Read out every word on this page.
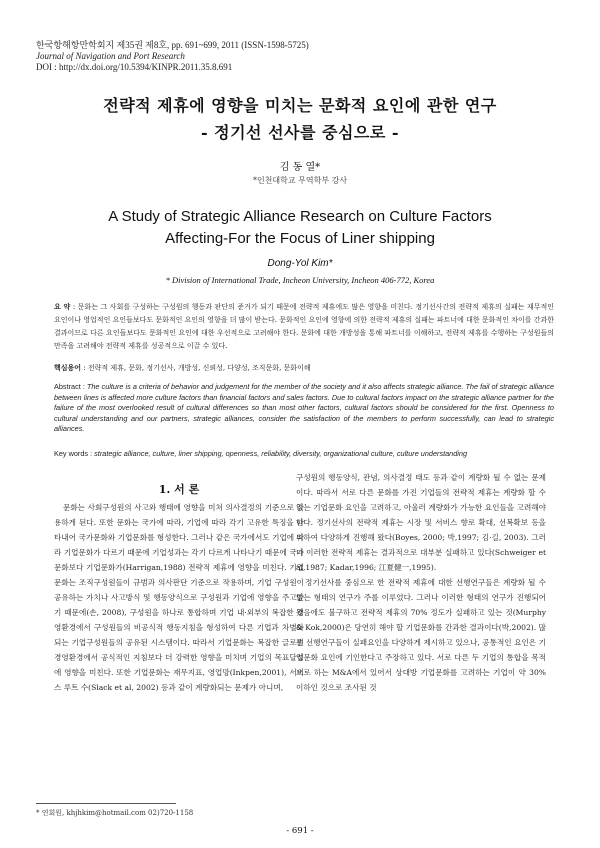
한국항해항만학회지 제35권 제8호, pp. 691~699, 2011 (ISSN-1598-5725)
Journal of Navigation and Port Research
DOI : http://dx.doi.org/10.5394/KINPR.2011.35.8.691
전략적 제휴에 영향을 미치는 문화적 요인에 관한 연구
- 정기선 선사를 중심으로 -
김 동 열*
*인천대학교 무역학부 강사
A Study of Strategic Alliance Research on Culture Factors
Affecting-For the Focus of Liner shipping
Dong-Yol Kim*
* Division of International Trade, Incheon University, Incheon 406-772, Korea
요 약 : 문화는 그 사회를 구성하는 구성원의 행동과 판단의 준거가 되기 때문에 전략적 제휴에도 많은 영향을 미친다. 정기선사간의 전략적 제휴의 실패는 재무적인 요인이나 영업적인 요인들보다도 문화적인 요인의 영향을 더 많이 받는다. 문화적인 요인에 영향에 의한 전략적 제휴의 실패는 파트너에 대한 문화적인 차이를 간과한 결과이므로 다른 요인들보다도 문화적인 요인에 대한 우선적으로 고려해야 한다. 문화에 대한 개방성을 통해 파트너를 이해하고, 전략적 제휴를 수행하는 구성원들의 만족을 고려해야 전략적 제휴를 성공적으로 이끌 수 있다.
핵심용어 : 전략적 제휴, 문화, 정기선사, 개방성, 신뢰성, 다양성, 조직문화, 문화이해
Abstract : The culture is a criteria of behavior and judgement for the member of the society and it also affects strategic alliance. The fail of strategic alliance between lines is affected more culture factors than financial factors and sales factors. Due to cultural factors impact on the strategic alliance partner for the failure of the most overlooked result of cultural differences so than most other factors, cultural factors should be considered for the first. Openness to cultural understanding and our partners, strategic alliances, consider the satisfaction of the members to perform successfully, can lead to strategic alliances.
Key words : strategic alliance, culture, liner shipping, openness, reliability, diversity, organizational culture, culture understanding
1. 서 론

문화는 사회구성원의 사고와 행태에 영향을 미쳐 의사결정의 기준으로 작용하게 된다. 또한 문화는 국가에 따라, 기업에 따라 각기 고유한 특징을 나타내어 국가문화와 기업문화를 형성한다. 그러나 같은 국가에서도 기업에 따라 기업문화가 다르기 때문에 기업성과는 각기 다르게 나타나기 때문에 국가문화보다 기업문화가(Harrigan,1988) 전략적 제휴에 영향을 미친다. 기업문화는 조직구성원들이 규범과 의사판단 기준으로 작용하며, 기업 구성원이 공유하는 가치나 사고방식 및 행동양식으로 구성원과 기업에 영향을 주고받기 때문에(손, 2008), 구성원을 하나로 통합하며 기업 내·외부의 복잡한 경영환경에서 구성원들의 비공식적 행동지침을 형성하여 다른 기업과 차별화되는 기업구성원들의 공유된 시스템이다. 따라서 기업문화는 복잡한 글로벌 경영환경에서 공식적인 지침보다 더 강력한 영향을 미치며 기업의 목표달성에 영향을 미친다. 또한 기업문화는 재무지표, 영업망(Inkpen,2001), 서비스 루트 수(Slack et al, 2002) 등과 같이 계량화되는 문제가 아니며,

구성원의 행동양식, 관념, 의사결정 태도 등과 같이 계량화 될 수 없는 문제이다. 따라서 서로 다른 문화를 가진 기업들의 전략적 제휴는 계량화 할 수 없는 기업문화 요인을 고려하고, 아울러 계량화가 가능한 요인들을 고려해야 한다. 정기선사의 전략적 제휴는 시장 및 서비스 향로 확대, 선복확보 등을 위하여 다양하게 진행해 왔다(Boyes, 2000; 박,1997; 김·길, 2003). 그러나 이러한 전략적 제휴는 결과적으로 대부분 실패하고 있다(Schweiger et al,1987; Kadar,1996; 江夏健一,1995).

정기선사를 중심으로 한 전략적 제휴에 대한 선행연구들은 계량화 될 수 없는 형태의 연구가 주를 이루었다. 그러나 이러한 형태의 연구가 진행되어 왔음에도 불구하고 전략적 제휴의 70% 정도가 실패하고 있는 것(Murphy & Kok,2000)은 당연히 해야 할 기업문화를 간과한 결과이다(박,2002). 많은 선행연구들이 실패요인을 다양하게 제시하고 있으나, 공통적인 요인은 기업문화 요인에 기인한다고 주장하고 있다. 서로 다른 두 기업의 통합을 목적으로 하는 M&A에서 있어서 상대방 기업문화를 고려하는 기업이 약 30% 이하인 것으로 조사된 것

* 연회원, khjhkim@hotmail.com 02)720-1158
- 691 -
